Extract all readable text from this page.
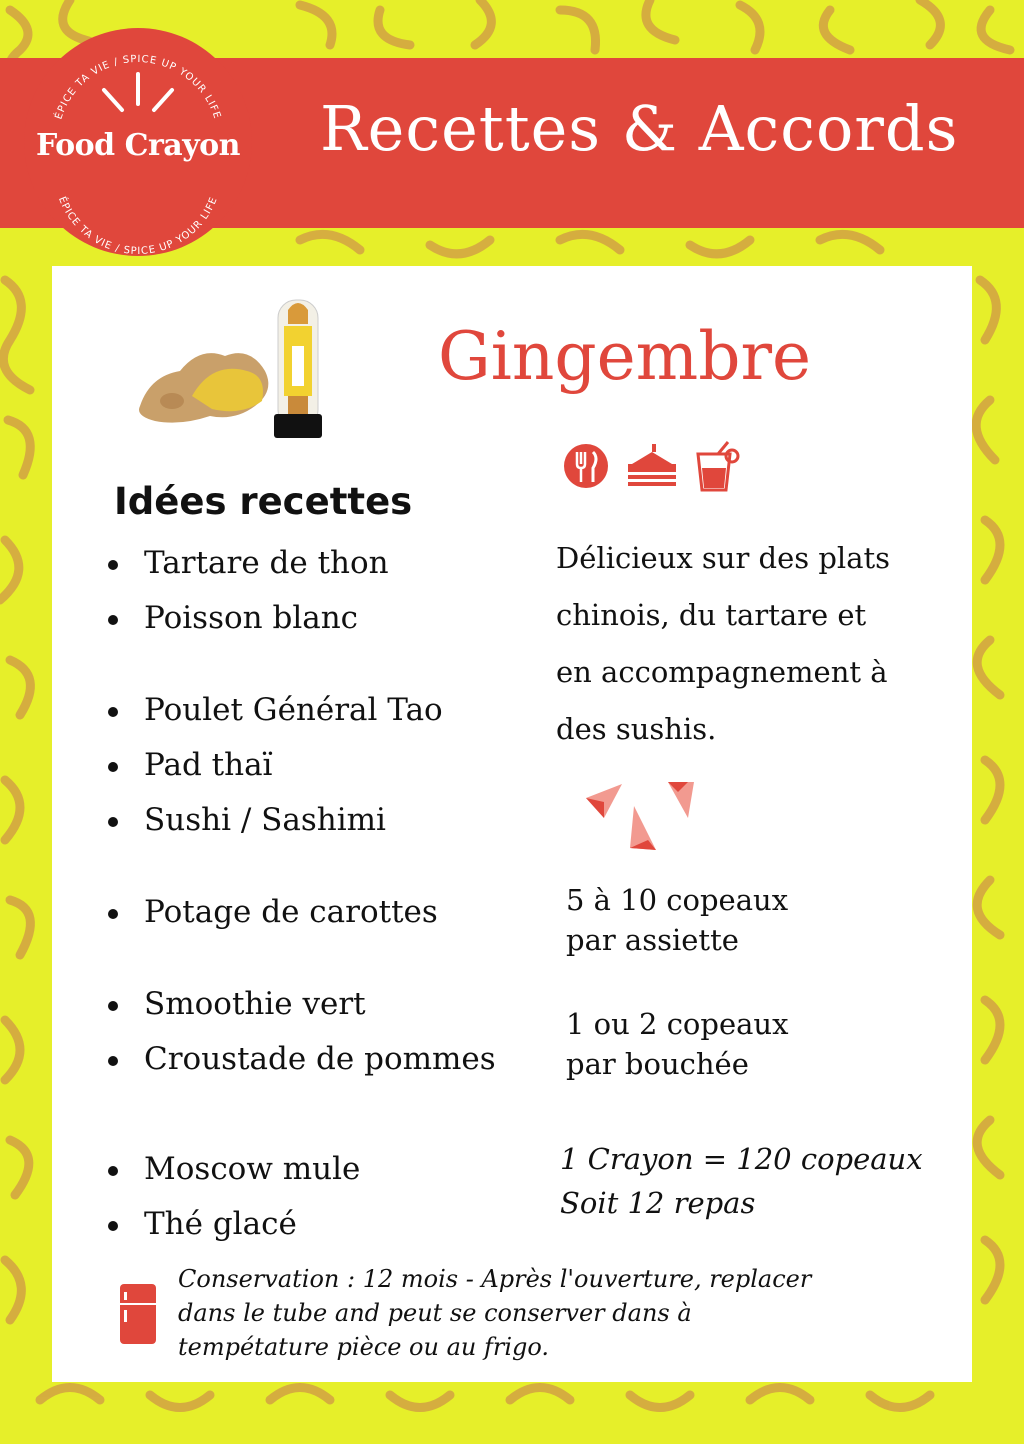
Recettes & Accords
ÉPICE TA VIE / SPICE UP YOUR LIFE
ÉPICE TA VIE / SPICE UP YOUR LIFE
Food Crayon
Gingembre
Idées recettes
Tartare de thon
Poisson blanc
Poulet Général Tao
Pad thaï
Sushi / Sashimi
Potage de carottes
Smoothie vert
Croustade de pommes
Moscow mule
Thé glacé
Délicieux sur des plats
chinois, du tartare et
en accompagnement à
des sushis.
5 à 10 copeaux
par assiette
1 ou 2 copeaux
par bouchée
1 Crayon = 120 copeaux
Soit 12 repas
Conservation : 12 mois - Après l'ouverture, replacer
dans le tube and peut se conserver dans à
tempétature pièce ou au frigo.
